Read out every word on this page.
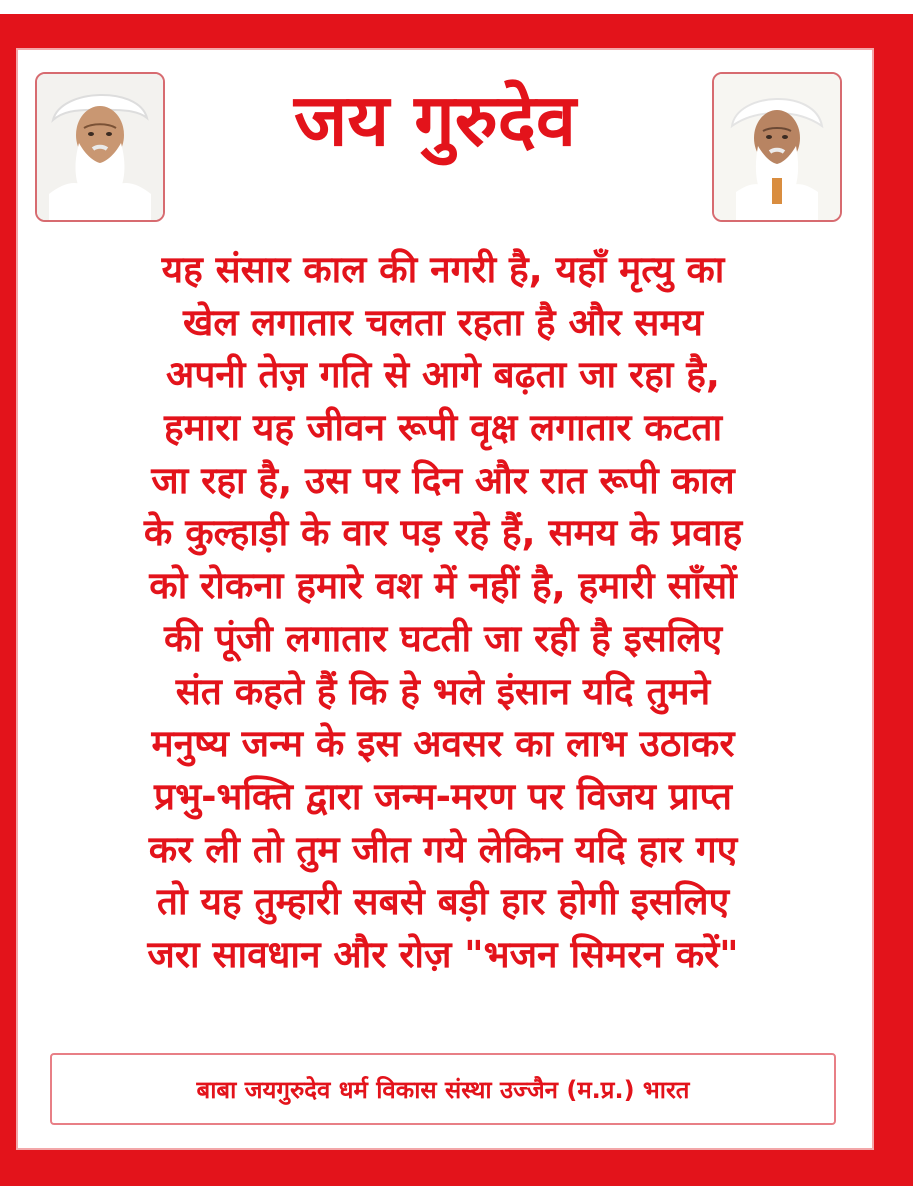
जय गुरुदेव
यह संसार काल की नगरी है, यहाँ मृत्यु का
खेल लगातार चलता रहता है और समय
अपनी तेज़ गति से आगे बढ़ता जा रहा है,
हमारा यह जीवन रूपी वृक्ष लगातार कटता
जा रहा है, उस पर दिन और रात रूपी काल
के कुल्हाड़ी के वार पड़ रहे हैं, समय के प्रवाह
को रोकना हमारे वश में नहीं है, हमारी साँसों
की पूंजी लगातार घटती जा रही है इसलिए
संत कहते हैं कि हे भले इंसान यदि तुमने
मनुष्य जन्म के इस अवसर का लाभ उठाकर
प्रभु-भक्ति द्वारा जन्म-मरण पर विजय प्राप्त
कर ली तो तुम जीत गये लेकिन यदि हार गए
तो यह तुम्हारी सबसे बड़ी हार होगी इसलिए
जरा सावधान और रोज़ "भजन सिमरन करें"
बाबा जयगुरुदेव धर्म विकास संस्था उज्जैन (म.प्र.) भारत
